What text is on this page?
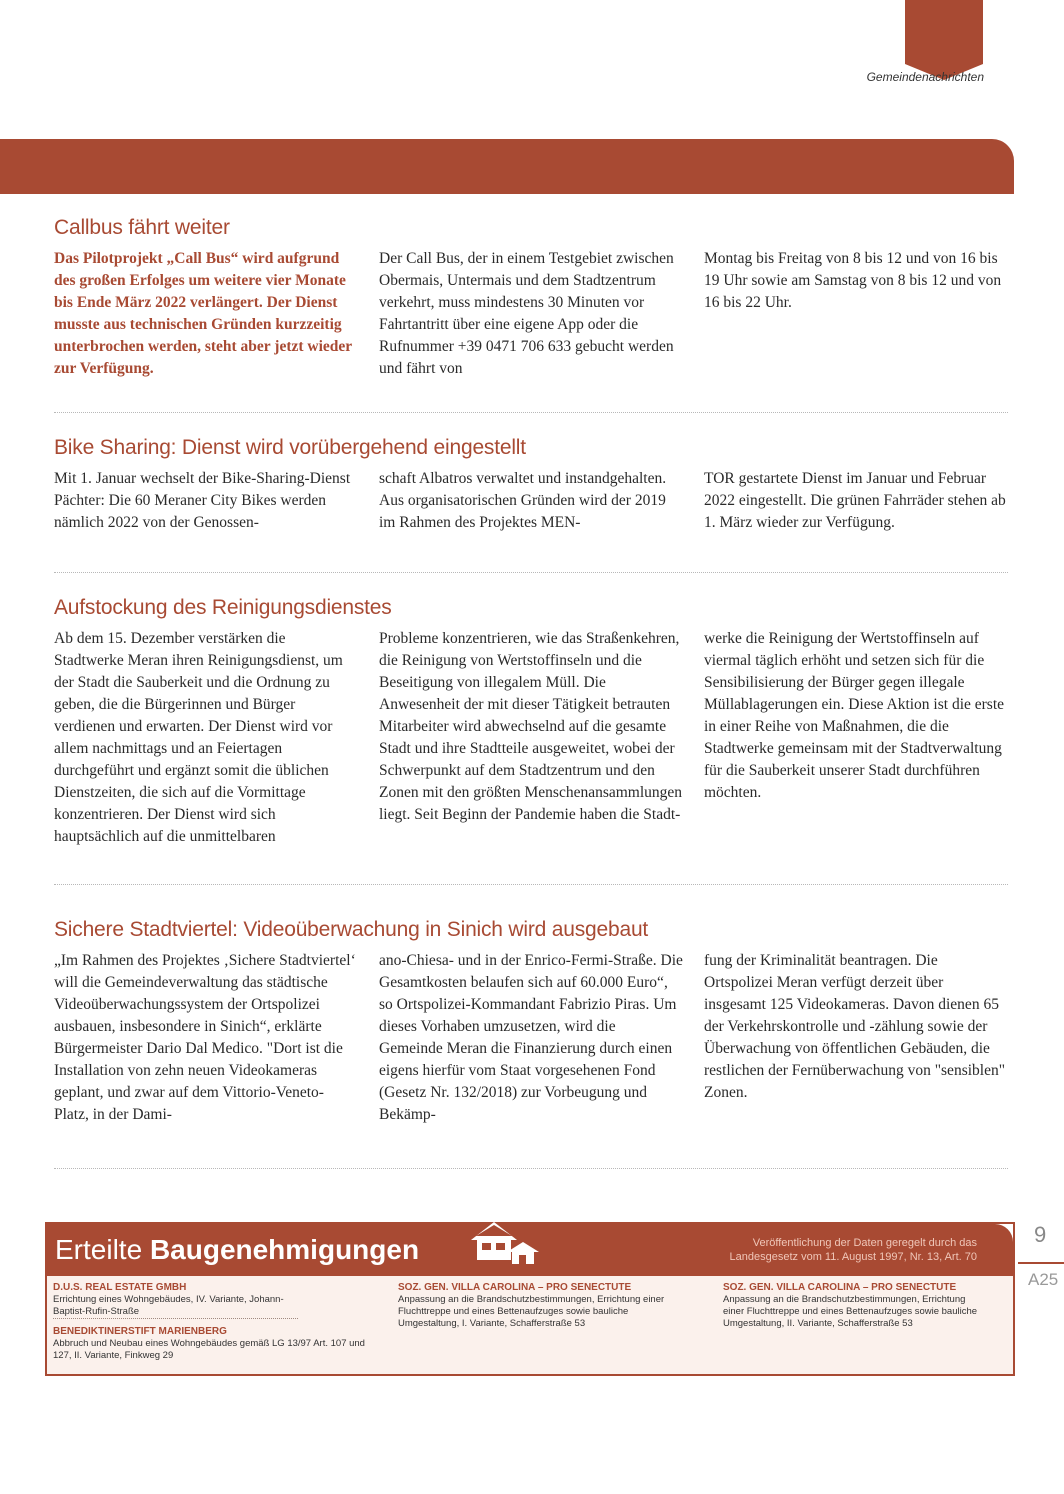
Gemeindenachrichten
Callbus fährt weiter

Das Pilotprojekt „Call Bus“ wird aufgrund des großen Erfolges um weitere vier Monate bis Ende März 2022 verlängert. Der Dienst musste aus technischen Gründen kurzzeitig unterbrochen werden, steht aber jetzt wieder zur Verfügung.

Der Call Bus, der in einem Testgebiet zwischen Obermais, Untermais und dem Stadtzentrum verkehrt, muss mindestens 30 Minuten vor Fahrtantritt über eine eigene App oder die Rufnummer +39 0471 706 633 gebucht werden und fährt von

Montag bis Freitag von 8 bis 12 und von 16 bis 19 Uhr sowie am Samstag von 8 bis 12 und von 16 bis 22 Uhr.

Bike Sharing: Dienst wird vorübergehend eingestellt

Mit 1. Januar wechselt der Bike-Sharing-Dienst Pächter: Die 60 Meraner City Bikes werden nämlich 2022 von der Genossen-

schaft Albatros verwaltet und instandgehalten. Aus organisatorischen Gründen wird der 2019 im Rahmen des Projektes MEN-

TOR gestartete Dienst im Januar und Februar 2022 eingestellt. Die grünen Fahrräder stehen ab 1. März wieder zur Verfügung.

Aufstockung des Reinigungsdienstes

Ab dem 15. Dezember verstärken die Stadtwerke Meran ihren Reinigungsdienst, um der Stadt die Sauberkeit und die Ordnung zu geben, die die Bürgerinnen und Bürger verdienen und erwarten. Der Dienst wird vor allem nachmittags und an Feiertagen durchgeführt und ergänzt somit die üblichen Dienstzeiten, die sich auf die Vormittage konzentrieren. Der Dienst wird sich hauptsächlich auf die unmittelbaren

Probleme konzentrieren, wie das Straßenkehren, die Reinigung von Wertstoffinseln und die Beseitigung von illegalem Müll. Die Anwesenheit der mit dieser Tätigkeit betrauten Mitarbeiter wird abwechselnd auf die gesamte Stadt und ihre Stadtteile ausgeweitet, wobei der Schwerpunkt auf dem Stadtzentrum und den Zonen mit den größten Menschenansammlungen liegt. Seit Beginn der Pandemie haben die Stadt-

werke die Reinigung der Wertstoffinseln auf viermal täglich erhöht und setzen sich für die Sensibilisierung der Bürger gegen illegale Müllablagerungen ein. Diese Aktion ist die erste in einer Reihe von Maßnahmen, die die Stadtwerke gemeinsam mit der Stadtverwaltung für die Sauberkeit unserer Stadt durchführen möchten.

Sichere Stadtviertel: Videoüberwachung in Sinich wird ausgebaut

„Im Rahmen des Projektes ‚Sichere Stadtviertel‘ will die Gemeindeverwaltung das städtische Videoüberwachungssystem der Ortspolizei ausbauen, insbesondere in Sinich“, erklärte Bürgermeister Dario Dal Medico. "Dort ist die Installation von zehn neuen Videokameras geplant, und zwar auf dem Vittorio-Veneto-Platz, in der Dami-

ano-Chiesa- und in der Enrico-Fermi-Straße. Die Gesamtkosten belaufen sich auf 60.000 Euro“, so Ortspolizei-Kommandant Fabrizio Piras. Um dieses Vorhaben umzusetzen, wird die Gemeinde Meran die Finanzierung durch einen eigens hierfür vom Staat vorgesehenen Fond (Gesetz Nr. 132/2018) zur Vorbeugung und Bekämp-

fung der Kriminalität beantragen. Die Ortspolizei Meran verfügt derzeit über insgesamt 125 Videokameras. Davon dienen 65 der Verkehrskontrolle und -zählung sowie der Überwachung von öffentlichen Gebäuden, die restlichen der Fernüberwachung von "sensiblen" Zonen.

Erteilte Baugenehmigungen	Veröffentlichung der Daten geregelt durch das
Landesgesetz vom 11. August 1997, Nr. 13, Art. 70
D.U.S. REAL ESTATE GMBH
Errichtung eines Wohngebäudes, IV. Variante, Johann-Baptist-Rufin-Straße
BENEDIKTINERSTIFT MARIENBERG
Abbruch und Neubau eines Wohngebäudes gemäß LG 13/97 Art. 107 und 127, II. Variante, Finkweg 29
SOZ. GEN. VILLA CAROLINA – PRO SENECTUTE
Anpassung an die Brandschutzbestimmungen, Errichtung einer Fluchttreppe und eines Bettenaufzuges sowie bauliche Umgestaltung, I. Variante, Schafferstraße 53
SOZ. GEN. VILLA CAROLINA – PRO SENECTUTE
Anpassung an die Brandschutzbestimmungen, Errichtung einer Fluchttreppe und eines Bettenaufzuges sowie bauliche Umgestaltung, II. Variante, Schafferstraße 53
9
A25
